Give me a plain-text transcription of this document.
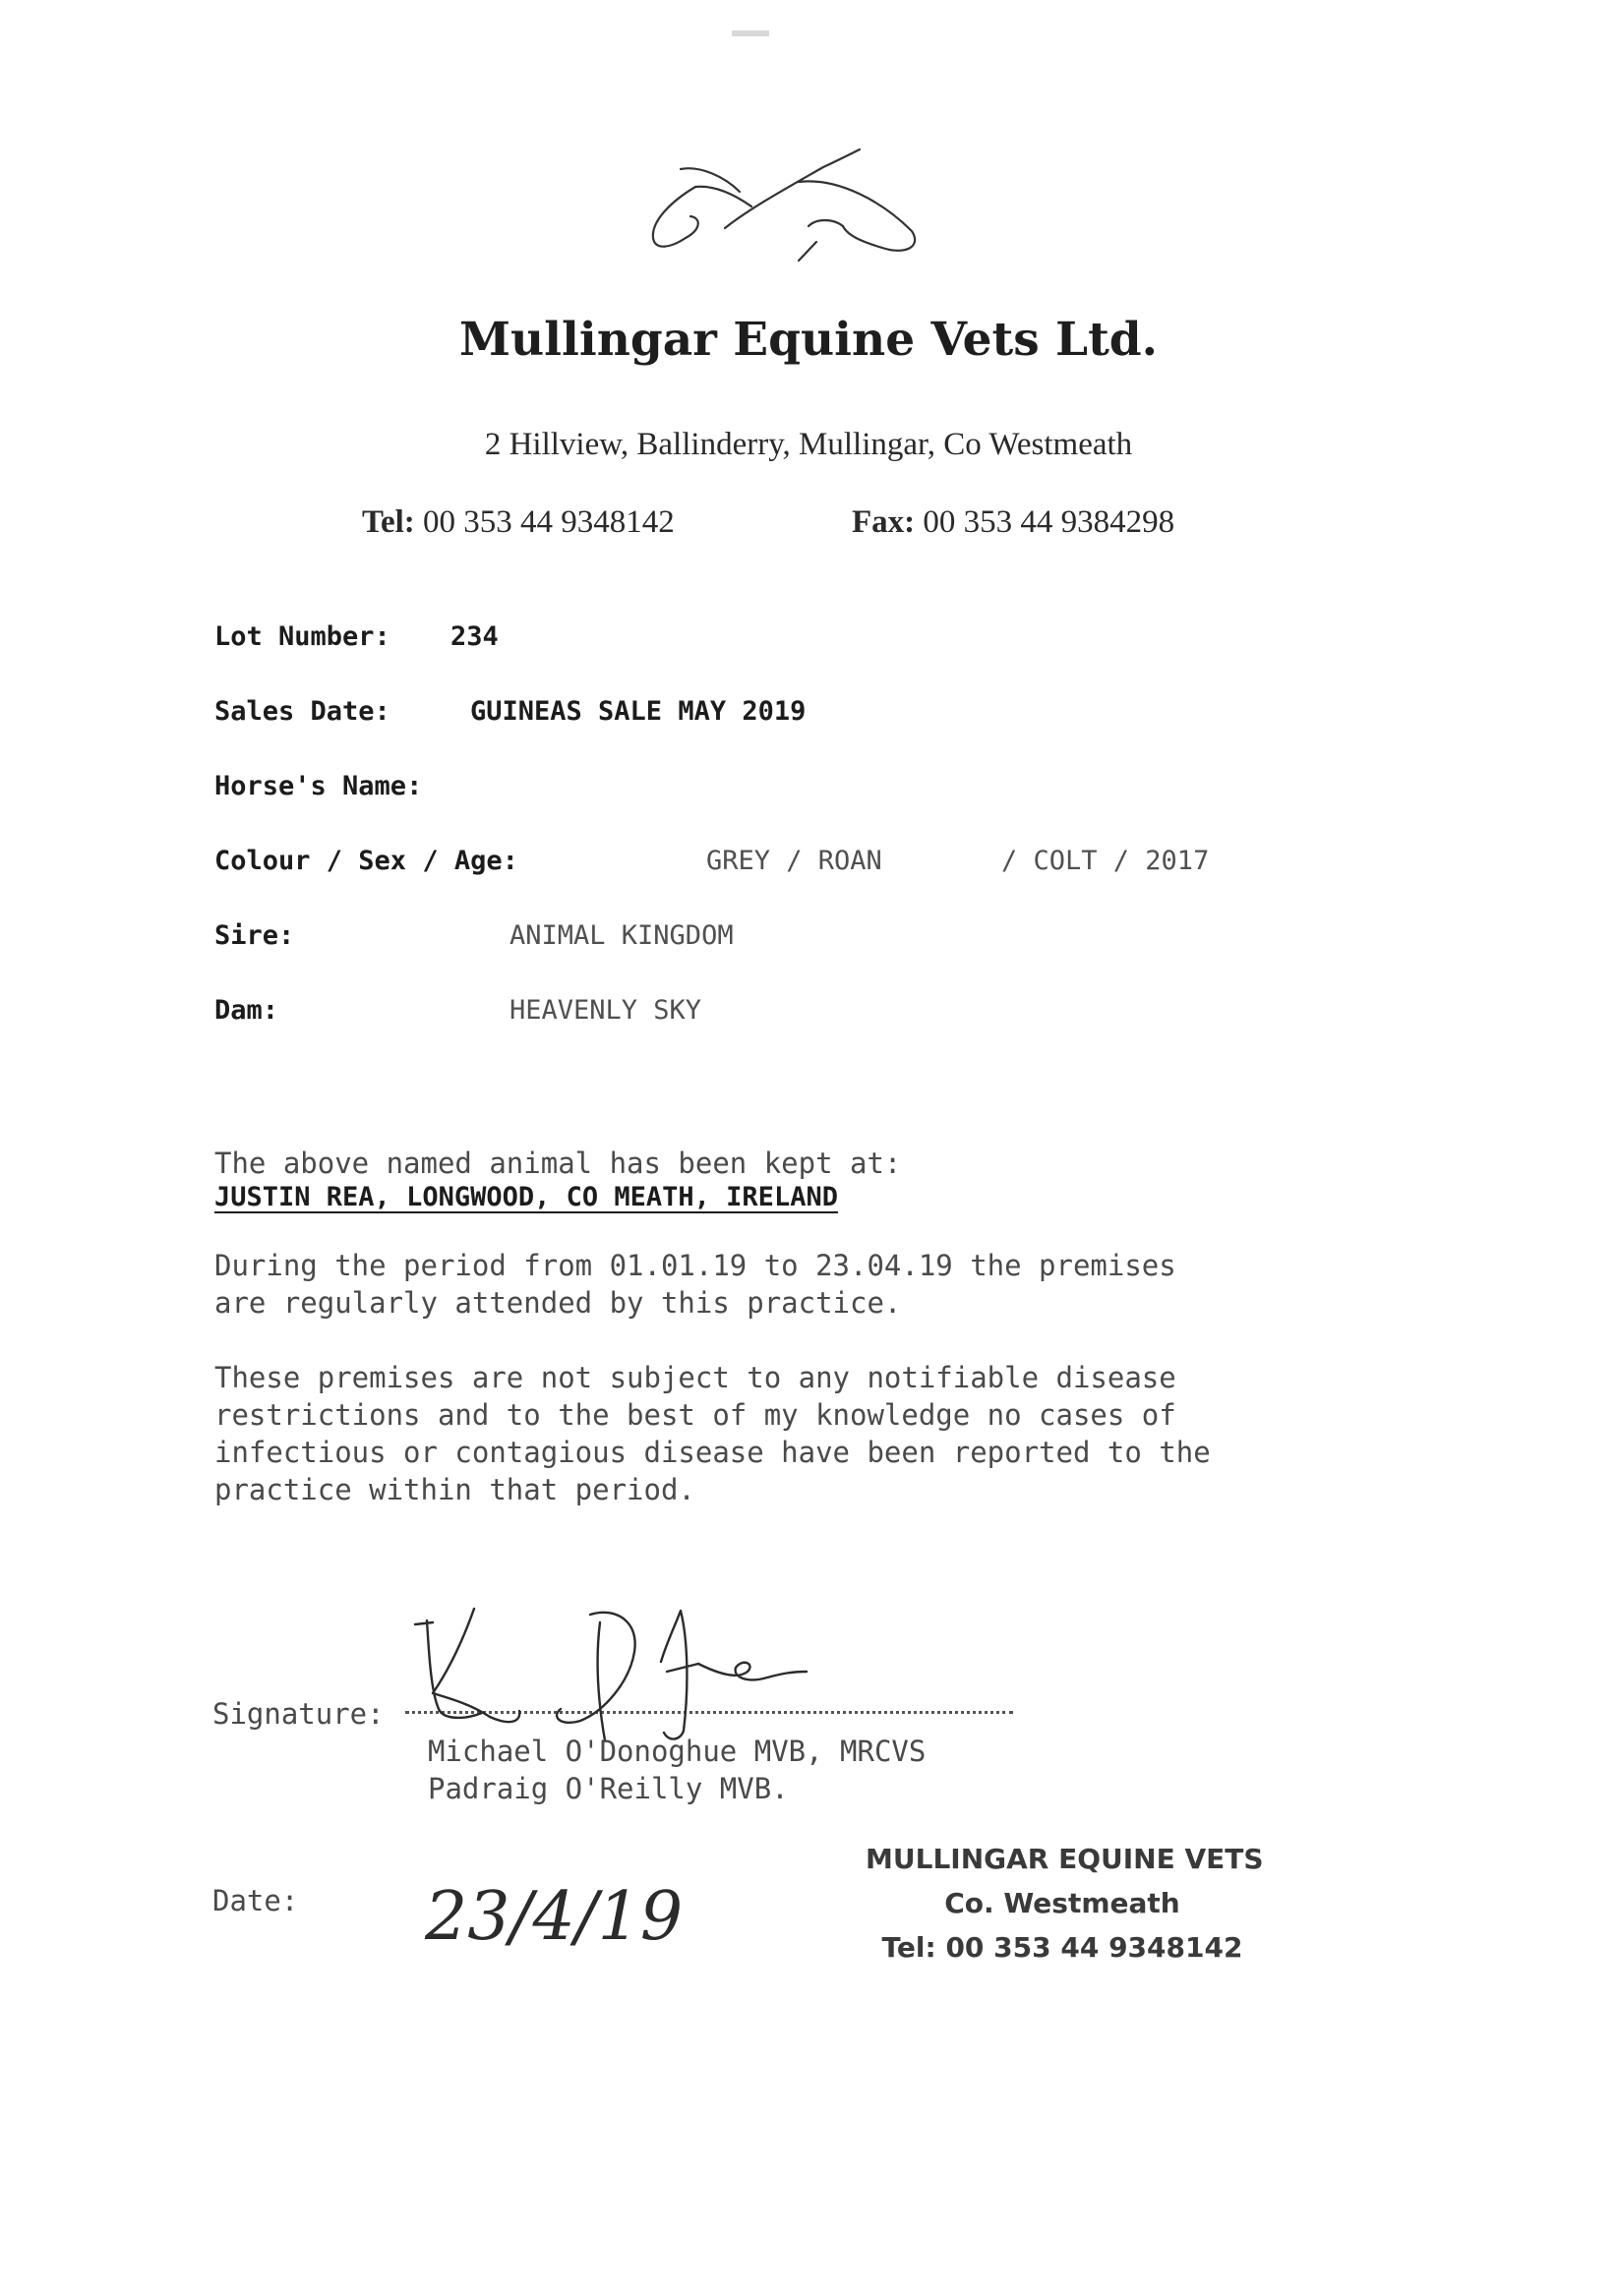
Mullingar Equine Vets Ltd.
2 Hillview, Ballinderry, Mullingar, Co Westmeath
Tel: 00 353 44 9348142	Fax: 00 353 44 9384298
Lot Number: 234
Sales Date:	GUINEAS SALE MAY 2019
Horse's Name:
Colour / Sex / Age:	GREY / ROAN	/ COLT / 2017
Sire:	ANIMAL KINGDOM
Dam:	HEAVENLY SKY
The above named animal has been kept at:
JUSTIN REA, LONGWOOD, CO MEATH, IRELAND
During the period from 01.01.19 to 23.04.19 the premises
are regularly attended by this practice.
These premises are not subject to any notifiable disease
restrictions and to the best of my knowledge no cases of
infectious or contagious disease have been reported to the
practice within that period.
Signature:
Michael O'Donoghue MVB, MRCVS
Padraig O'Reilly MVB.
Date: 23/4/19
MULLINGAR EQUINE VETS
Co. Westmeath
Tel: 00 353 44 9348142
